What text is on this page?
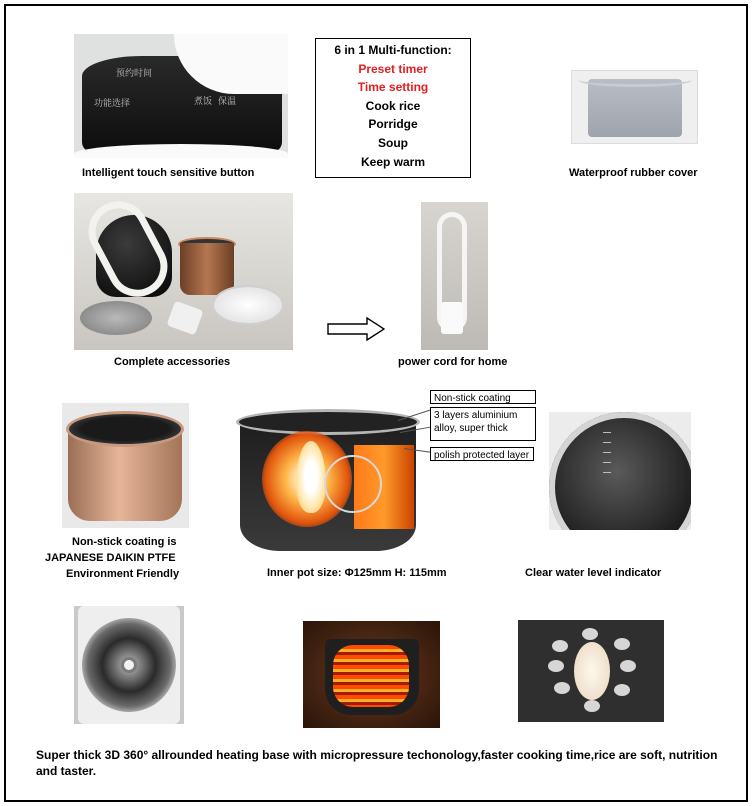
预约时间
功能选择	煮饭 保温
Intelligent touch sensitive button
6 in 1 Multi-function:
Preset timer
Time setting
Cook rice
Porridge
Soup
Keep warm
Waterproof rubber cover
Complete accessories	power cord for home
Non-stick coating is
JAPANESE DAIKIN PTFE
Environment Friendly
Non-stick coating
3 layers aluminium alloy, super thick
polish protected layer
Inner pot size: Φ125mm H: 115mm	Clear water level indicator
Super thick 3D 360° allrounded heating base with micropressure techonology,faster cooking time,rice are soft, nutrition and taster.
